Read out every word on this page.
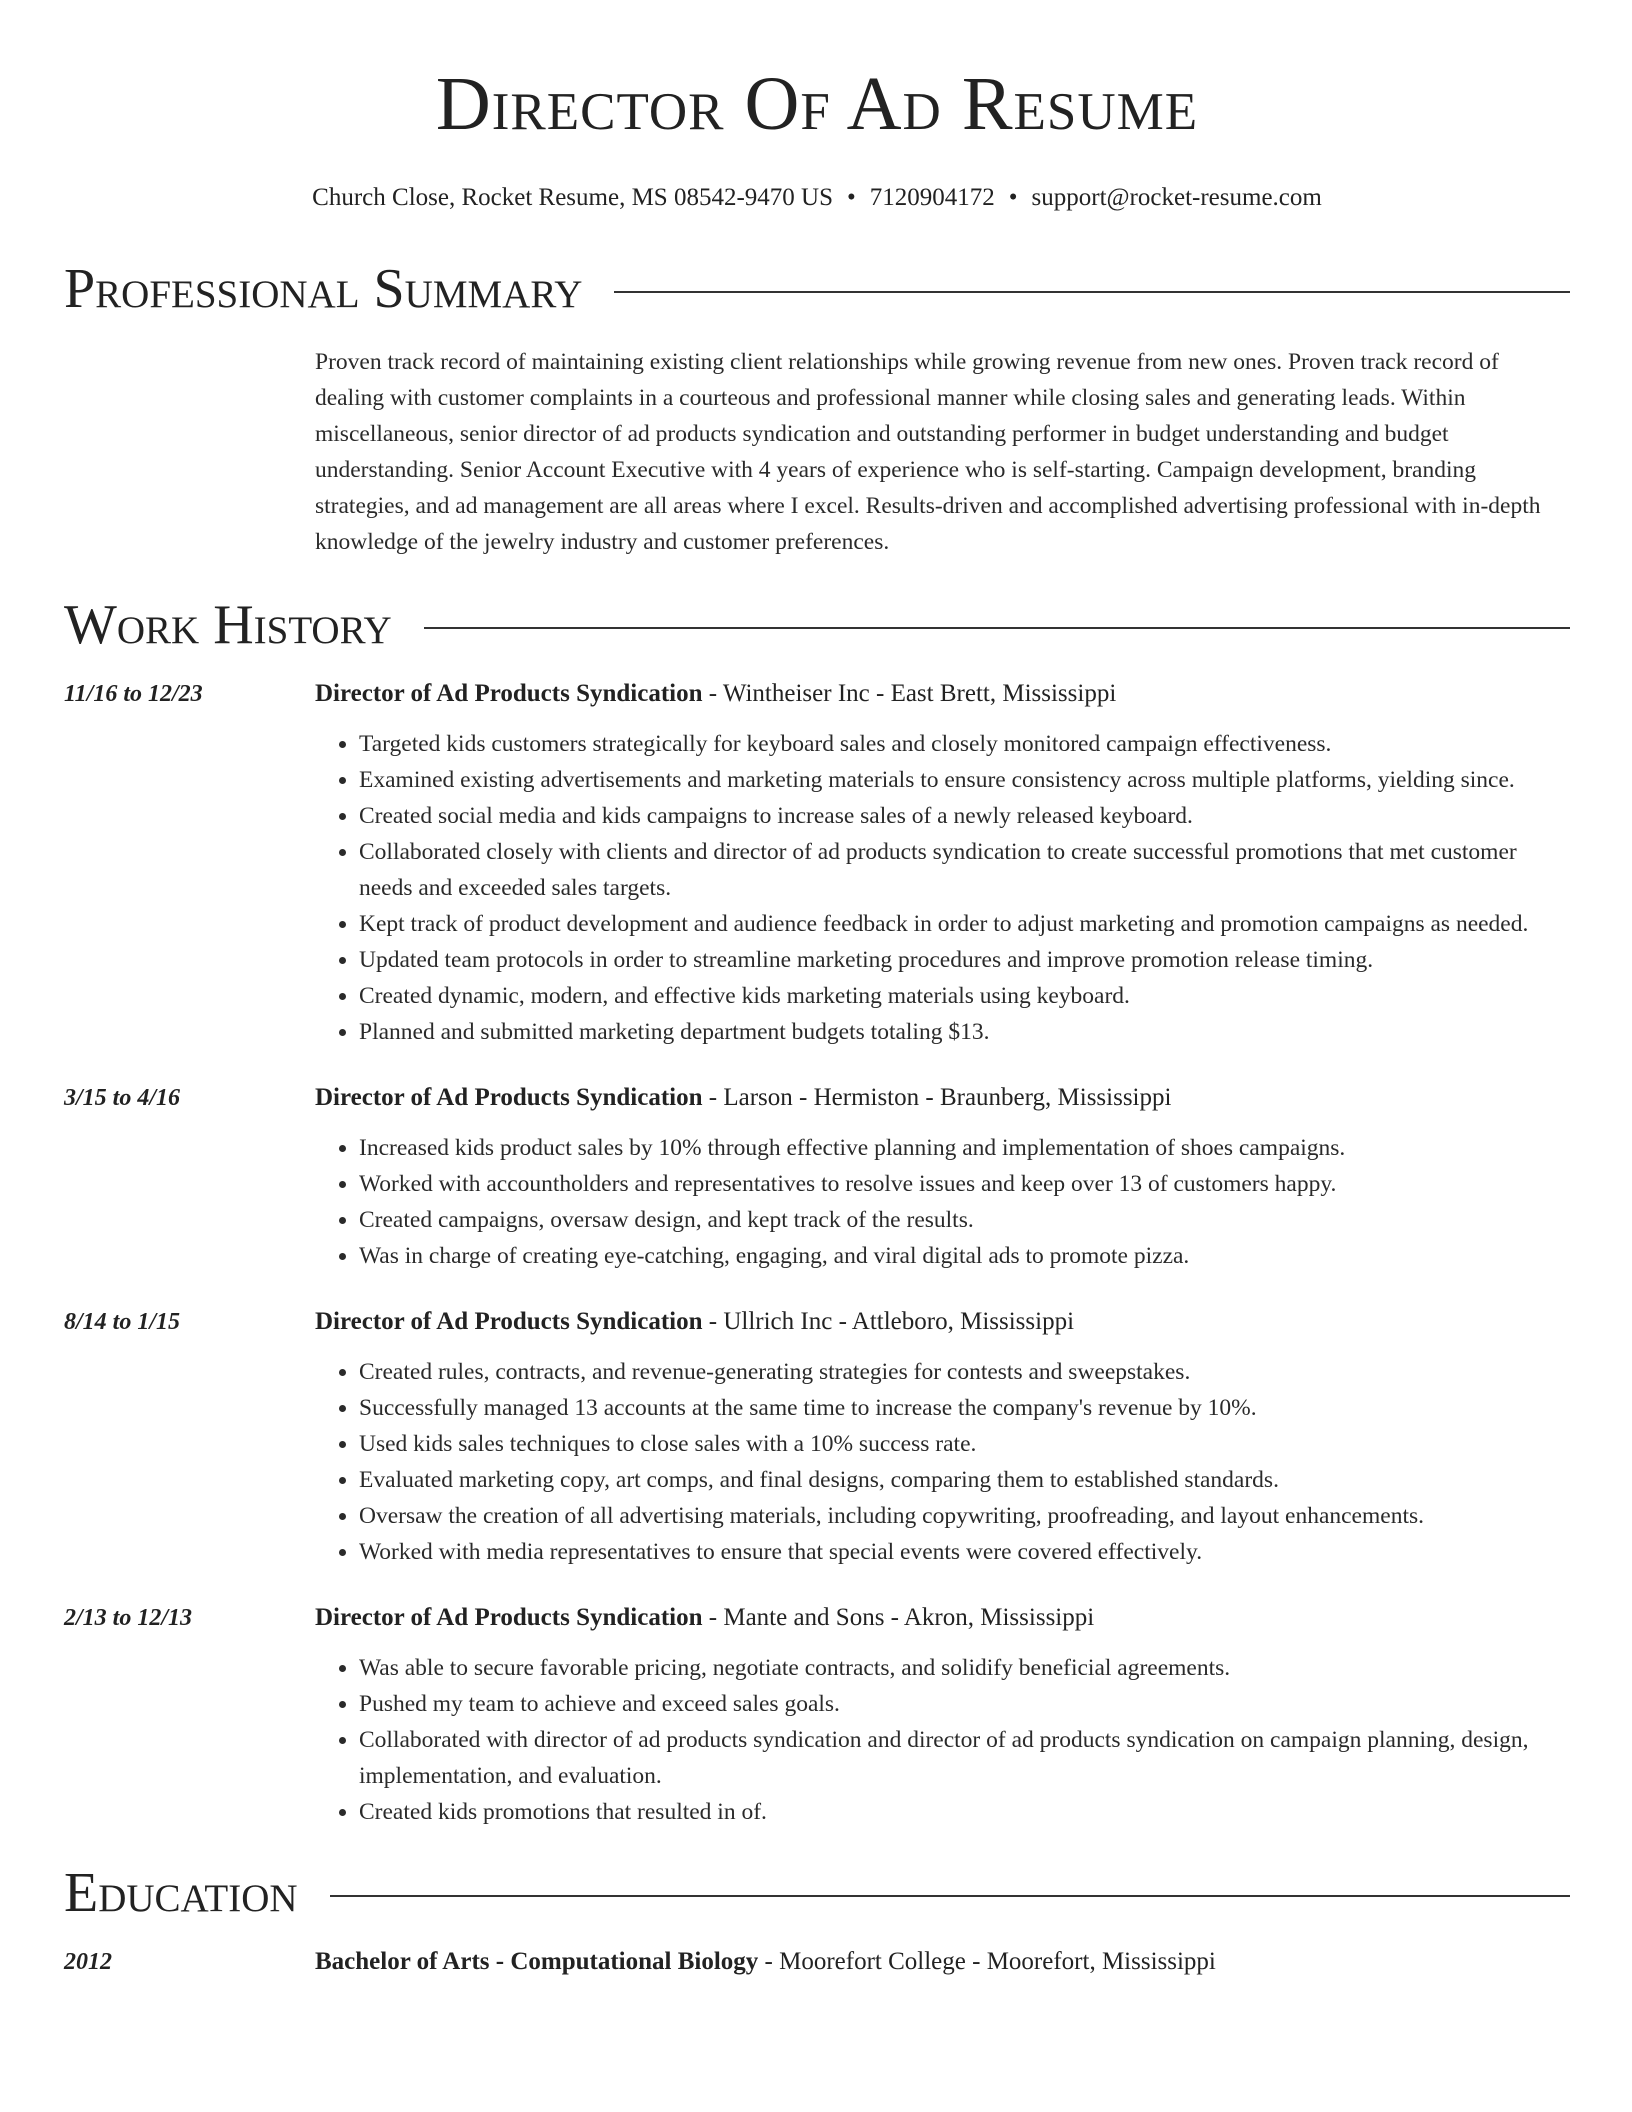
Director Of Ad Resume
Church Close, Rocket Resume, MS 08542-9470 US • 7120904172 • support@rocket-resume.com
Professional Summary
Proven track record of maintaining existing client relationships while growing revenue from new ones. Proven track record of dealing with customer complaints in a courteous and professional manner while closing sales and generating leads. Within miscellaneous, senior director of ad products syndication and outstanding performer in budget understanding and budget understanding. Senior Account Executive with 4 years of experience who is self-starting. Campaign development, branding strategies, and ad management are all areas where I excel. Results-driven and accomplished advertising professional with in-depth knowledge of the jewelry industry and customer preferences.
Work History
11/16 to 12/23	Director of Ad Products Syndication - Wintheiser Inc - East Brett, Mississippi
• Targeted kids customers strategically for keyboard sales and closely monitored campaign effectiveness.
• Examined existing advertisements and marketing materials to ensure consistency across multiple platforms, yielding since.
• Created social media and kids campaigns to increase sales of a newly released keyboard.
• Collaborated closely with clients and director of ad products syndication to create successful promotions that met customer needs and exceeded sales targets.
• Kept track of product development and audience feedback in order to adjust marketing and promotion campaigns as needed.
• Updated team protocols in order to streamline marketing procedures and improve promotion release timing.
• Created dynamic, modern, and effective kids marketing materials using keyboard.
• Planned and submitted marketing department budgets totaling $13.
3/15 to 4/16	Director of Ad Products Syndication - Larson - Hermiston - Braunberg, Mississippi
• Increased kids product sales by 10% through effective planning and implementation of shoes campaigns.
• Worked with accountholders and representatives to resolve issues and keep over 13 of customers happy.
• Created campaigns, oversaw design, and kept track of the results.
• Was in charge of creating eye-catching, engaging, and viral digital ads to promote pizza.
8/14 to 1/15	Director of Ad Products Syndication - Ullrich Inc - Attleboro, Mississippi
• Created rules, contracts, and revenue-generating strategies for contests and sweepstakes.
• Successfully managed 13 accounts at the same time to increase the company's revenue by 10%.
• Used kids sales techniques to close sales with a 10% success rate.
• Evaluated marketing copy, art comps, and final designs, comparing them to established standards.
• Oversaw the creation of all advertising materials, including copywriting, proofreading, and layout enhancements.
• Worked with media representatives to ensure that special events were covered effectively.
2/13 to 12/13	Director of Ad Products Syndication - Mante and Sons - Akron, Mississippi
• Was able to secure favorable pricing, negotiate contracts, and solidify beneficial agreements.
• Pushed my team to achieve and exceed sales goals.
• Collaborated with director of ad products syndication and director of ad products syndication on campaign planning, design, implementation, and evaluation.
• Created kids promotions that resulted in of.
Education
2012	Bachelor of Arts - Computational Biology - Moorefort College - Moorefort, Mississippi
